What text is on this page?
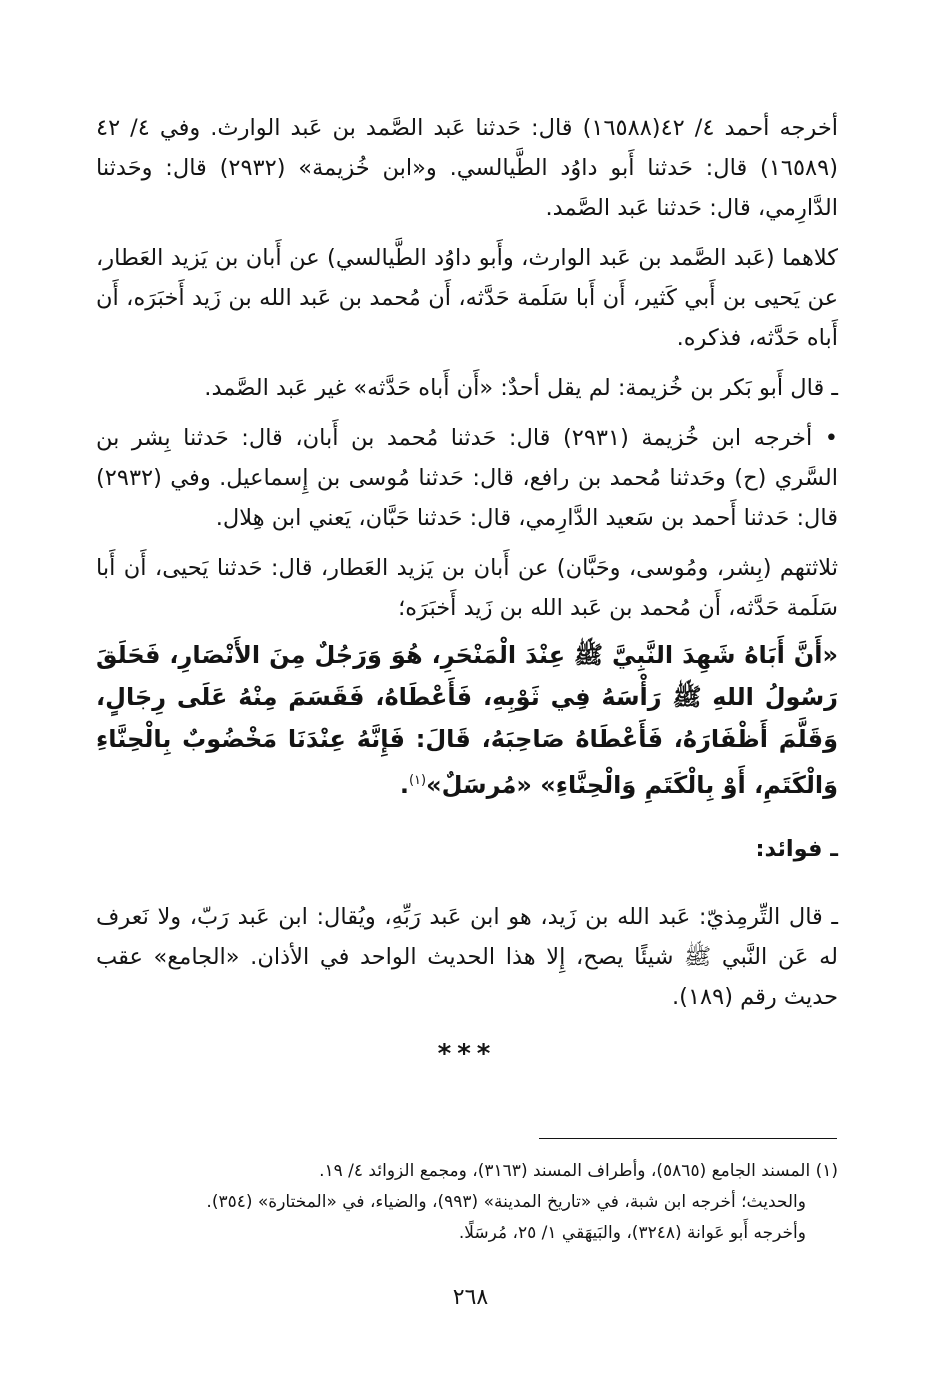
أخرجه أحمد ٤/ ٤٢(١٦٥٨٨) قال: حَدثنا عَبد الصَّمد بن عَبد الوارث. وفي ٤/ ٤٢ (١٦٥٨٩) قال: حَدثنا أَبو داوُد الطَّيالسي. و«ابن خُزيمة» (٢٩٣٢) قال: وحَدثنا الدَّارِمي، قال: حَدثنا عَبد الصَّمد.

كلاهما (عَبد الصَّمد بن عَبد الوارث، وأَبو داوُد الطَّيالسي) عن أَبان بن يَزيد العَطار، عن يَحيى بن أَبي كَثير، أَن أَبا سَلَمة حَدَّثه، أَن مُحمد بن عَبد الله بن زَيد أَخبَرَه، أَن أَباه حَدَّثه، فذكره.

ـ قال أَبو بَكر بن خُزيمة: لم يقل أحدٌ: «أَن أَباه حَدَّثه» غير عَبد الصَّمد.

• أخرجه ابن خُزيمة (٢٩٣١) قال: حَدثنا مُحمد بن أَبان، قال: حَدثنا بِشر بن السَّري (ح) وحَدثنا مُحمد بن رافع، قال: حَدثنا مُوسى بن إِسماعيل. وفي (٢٩٣٢) قال: حَدثنا أَحمد بن سَعيد الدَّارِمي، قال: حَدثنا حَبَّان، يَعني ابن هِلال.

ثلاثتهم (بِشر، ومُوسى، وحَبَّان) عن أَبان بن يَزيد العَطار، قال: حَدثنا يَحيى، أَن أَبا سَلَمة حَدَّثه، أَن مُحمد بن عَبد الله بن زَيد أَخبَرَه؛

«أَنَّ أَبَاهُ شَهِدَ النَّبِيَّ ﷺ عِنْدَ الْمَنْحَرِ، هُوَ وَرَجُلٌ مِنَ الأَنْصَارِ، فَحَلَقَ رَسُولُ اللهِ ﷺ رَأْسَهُ فِي ثَوْبِهِ، فَأَعْطَاهُ، فَقَسَمَ مِنْهُ عَلَى رِجَالٍ، وَقَلَّمَ أَظْفَارَهُ، فَأَعْطَاهُ صَاحِبَهُ، قَالَ: فَإِنَّهُ عِنْدَنَا مَخْضُوبٌ بِالْحِنَّاءِ وَالْكَتَمِ، أَوْ بِالْكَتَمِ وَالْحِنَّاءِ» «مُرسَلٌ»$^{(١)}$.

ـ فوائد:

ـ قال التِّرمِذيّ: عَبد الله بن زَيد، هو ابن عَبد رَبِّهِ، ويُقال: ابن عَبد رَبّ، ولا نَعرف له عَن النَّبي ﷺ شيئًا يصح، إِلا هذا الحديث الواحد في الأذان. «الجامع» عقب حديث رقم (١٨٩).

***

(١) المسند الجامع (٥٨٦٥)، وأطراف المسند (٣١٦٣)، ومجمع الزوائد ٤/ ١٩.

والحديث؛ أخرجه ابن شبة، في «تاريخ المدينة» (٩٩٣)، والضياء، في «المختارة» (٣٥٤).

وأخرجه أَبو عَوانة (٣٢٤٨)، والبَيهَقي ١/ ٢٥، مُرسَلًا.

٢٦٨
